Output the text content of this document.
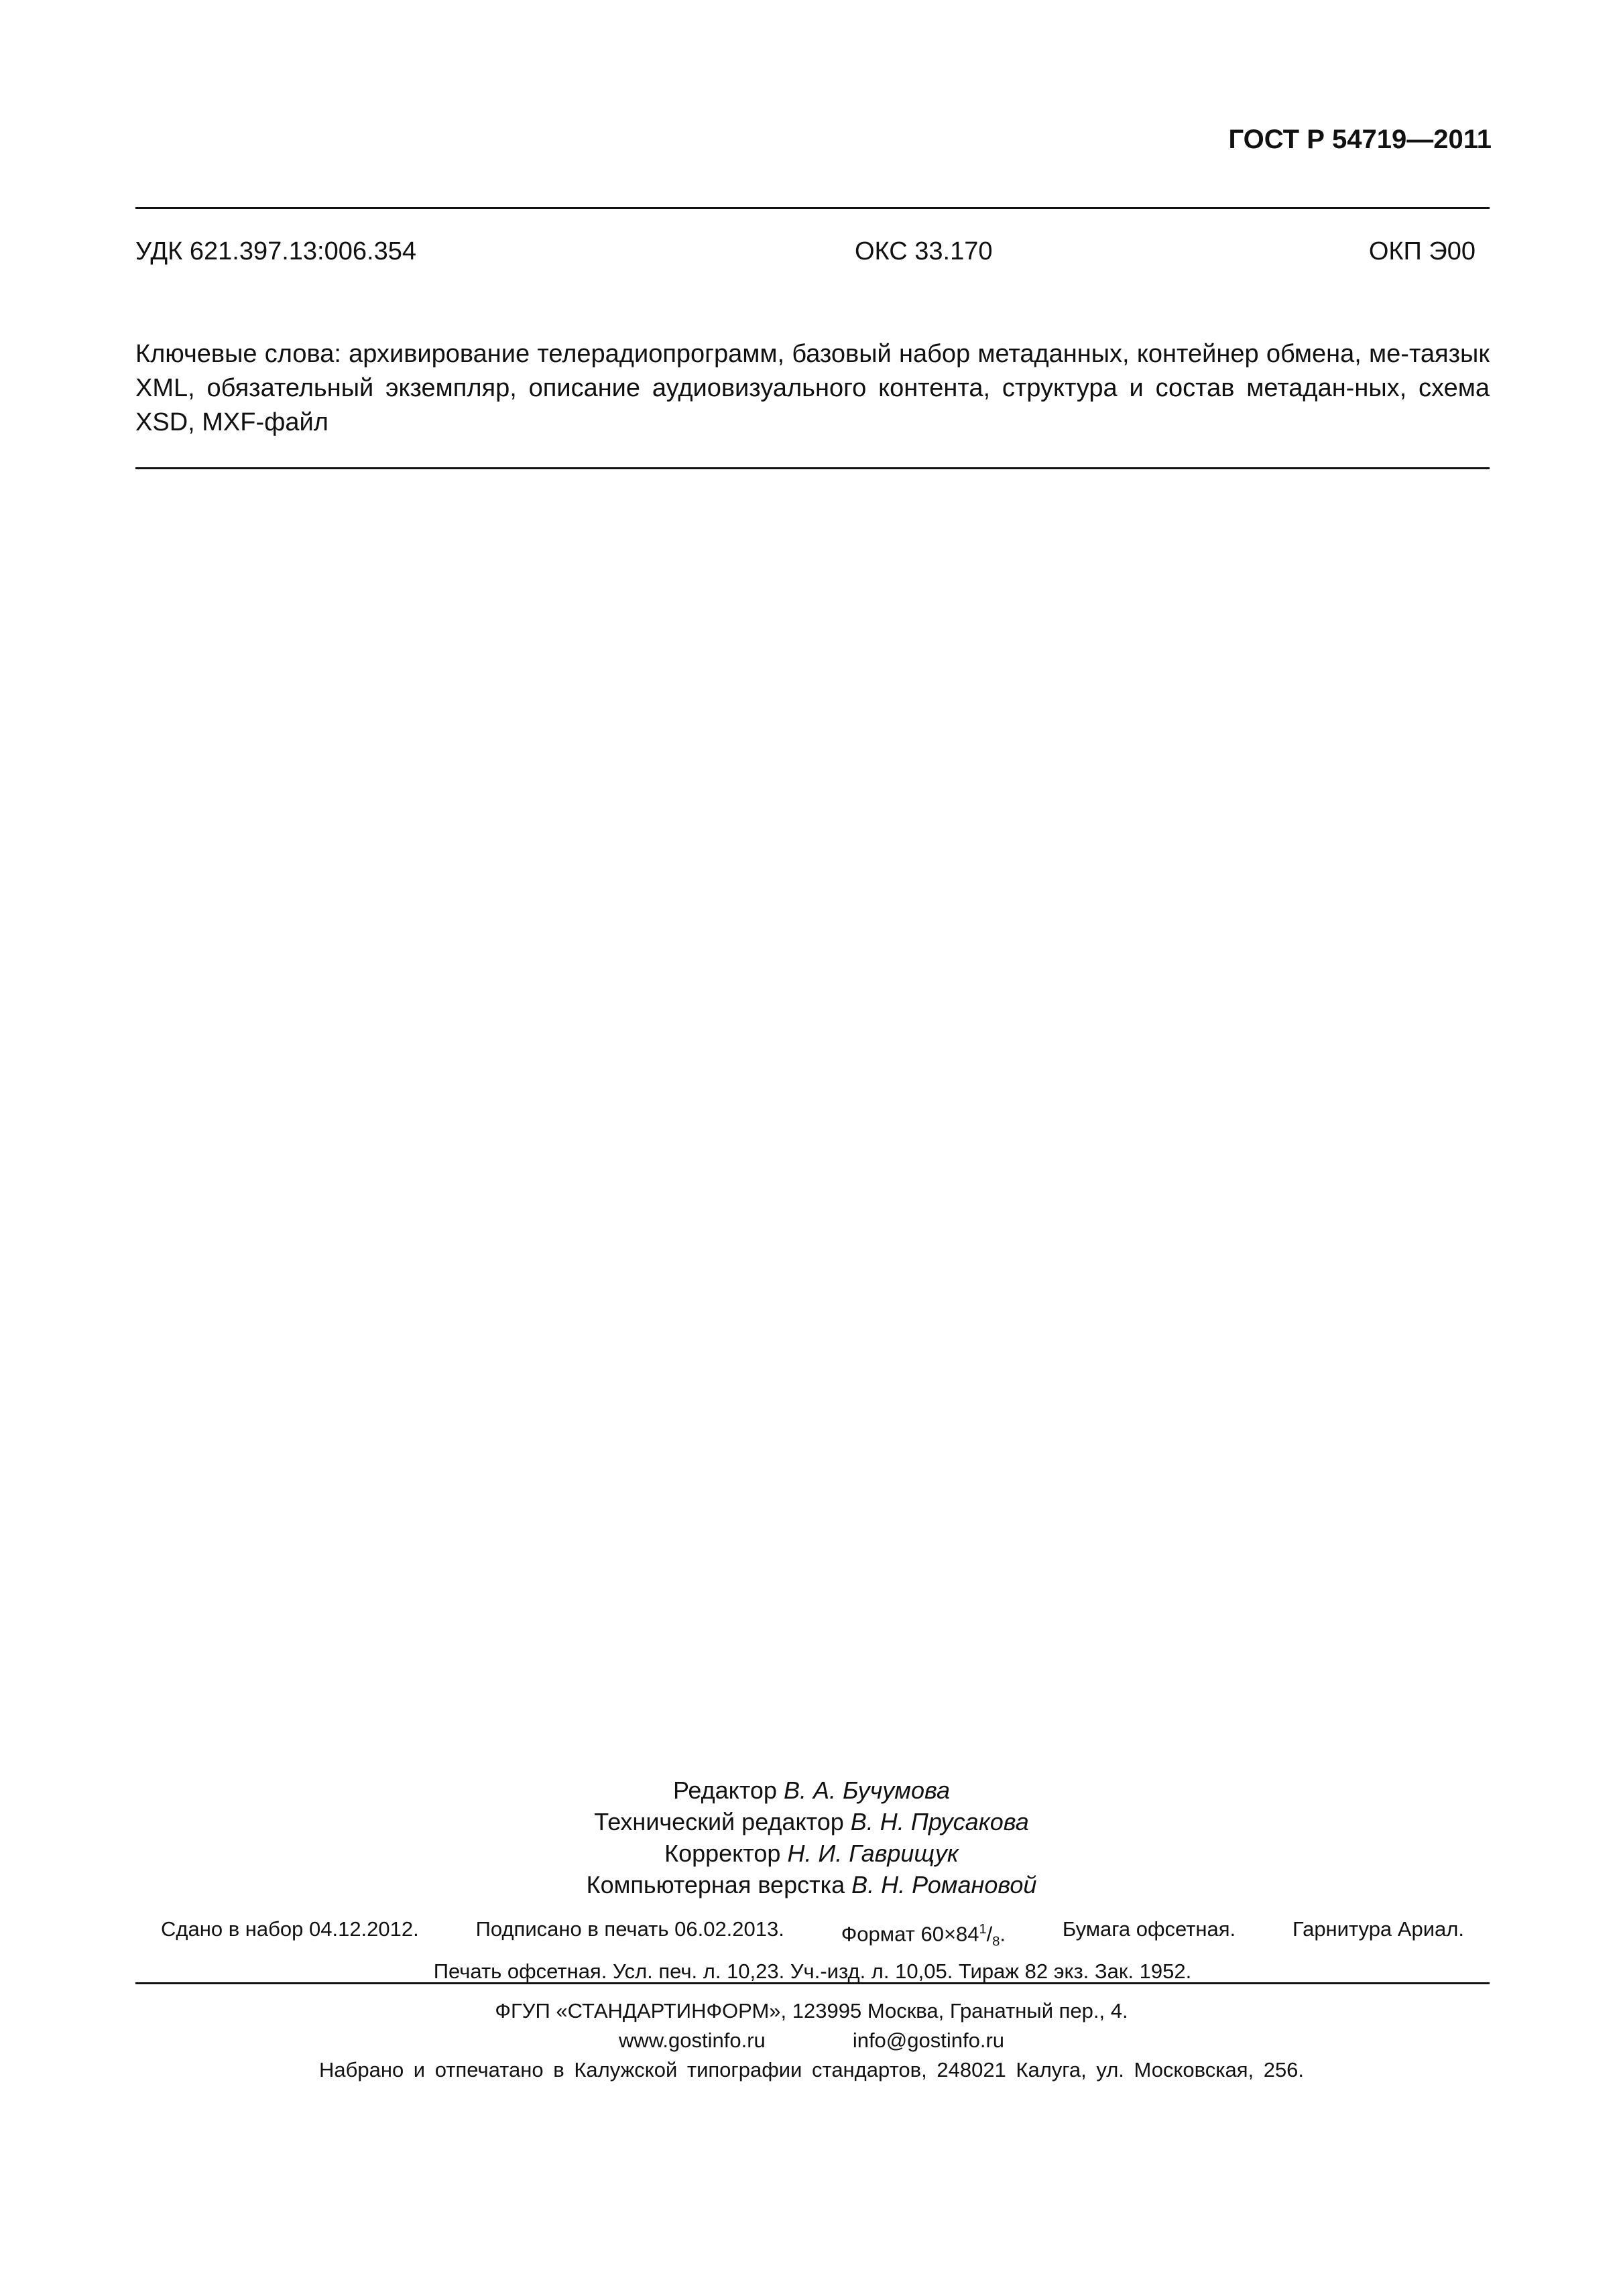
ГОСТ Р 54719—2011
УДК 621.397.13:006.354	ОКС 33.170	ОКП Э00
Ключевые слова: архивирование телерадиопрограмм, базовый набор метаданных, контейнер обмена, ме-таязык XML, обязательный экземпляр, описание аудиовизуального контента, структура и состав метадан-ных, схема XSD, MXF-файл
Редактор В. А. Бучумова
Технический редактор В. Н. Прусакова
Корректор Н. И. Гаврищук
Компьютерная верстка В. Н. Романовой
Сдано в набор 04.12.2012.	Подписано в печать 06.02.2013.	Формат $60\times 84^1/_8$.	Бумага офсетная.	Гарнитура Ариал.
Печать офсетная. Усл. печ. л. 10,23. Уч.-изд. л. 10,05. Тираж 82 экз. Зак. 1952.
ФГУП «СТАНДАРТИНФОРМ», 123995 Москва, Гранатный пер., 4.
www.gostinfo.ru	info@gostinfo.ru
Набрано и отпечатано в Калужской типографии стандартов, 248021 Калуга, ул. Московская, 256.
